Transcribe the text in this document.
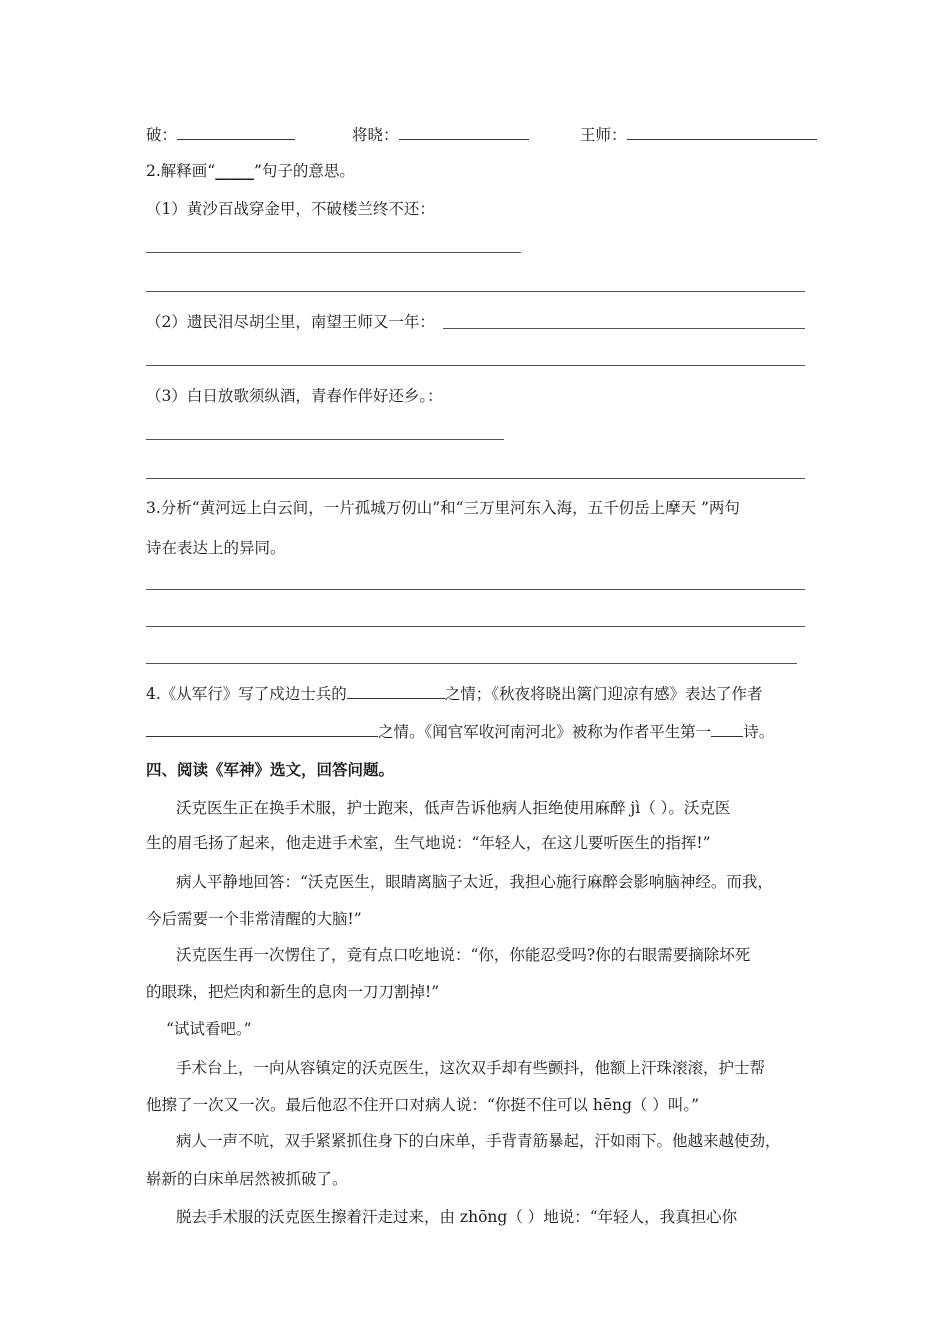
破：	将晓：	王师：
2.解释画“_____”句子的意思。
（1）黄沙百战穿金甲，不破楼兰终不还：
（2）遗民泪尽胡尘里，南望王师又一年：
（3）白日放歌须纵酒，青春作伴好还乡。：
3.分析“黄河远上白云间，一片孤城万仞山”和“三万里河东入海，五千仞岳上摩天 ”两句
诗在表达上的异同。
4.《从军行》写了戍边士兵的	之情；《秋夜将晓出篱门迎凉有感》表达了作者
之情。《闻官军收河南河北》被称为作者平生第一 诗。
四、阅读《军神》选文，回答问题。
沃克医生正在换手术服，护士跑来，低声告诉他病人拒绝使用麻醉 jì（ ）。沃克医
生的眉毛扬了起来，他走进手术室，生气地说：“年轻人，在这儿要听医生的指挥!”
病人平静地回答：“沃克医生，眼睛离脑子太近，我担心施行麻醉会影响脑神经。而我，
今后需要一个非常清醒的大脑!”
沃克医生再一次愣住了，竟有点口吃地说：“你，你能忍受吗?你的右眼需要摘除坏死
的眼珠，把烂肉和新生的息肉一刀刀割掉!”
“试试看吧。”
手术台上，一向从容镇定的沃克医生，这次双手却有些颤抖，他额上汗珠滚滚，护士帮
他擦了一次又一次。最后他忍不住开口对病人说：“你挺不住可以 hēng（ ）叫。”
病人一声不吭，双手紧紧抓住身下的白床单，手背青筋暴起，汗如雨下。他越来越使劲，
崭新的白床单居然被抓破了。
脱去手术服的沃克医生擦着汗走过来，由 zhōng（ ）地说：“年轻人，我真担心你
